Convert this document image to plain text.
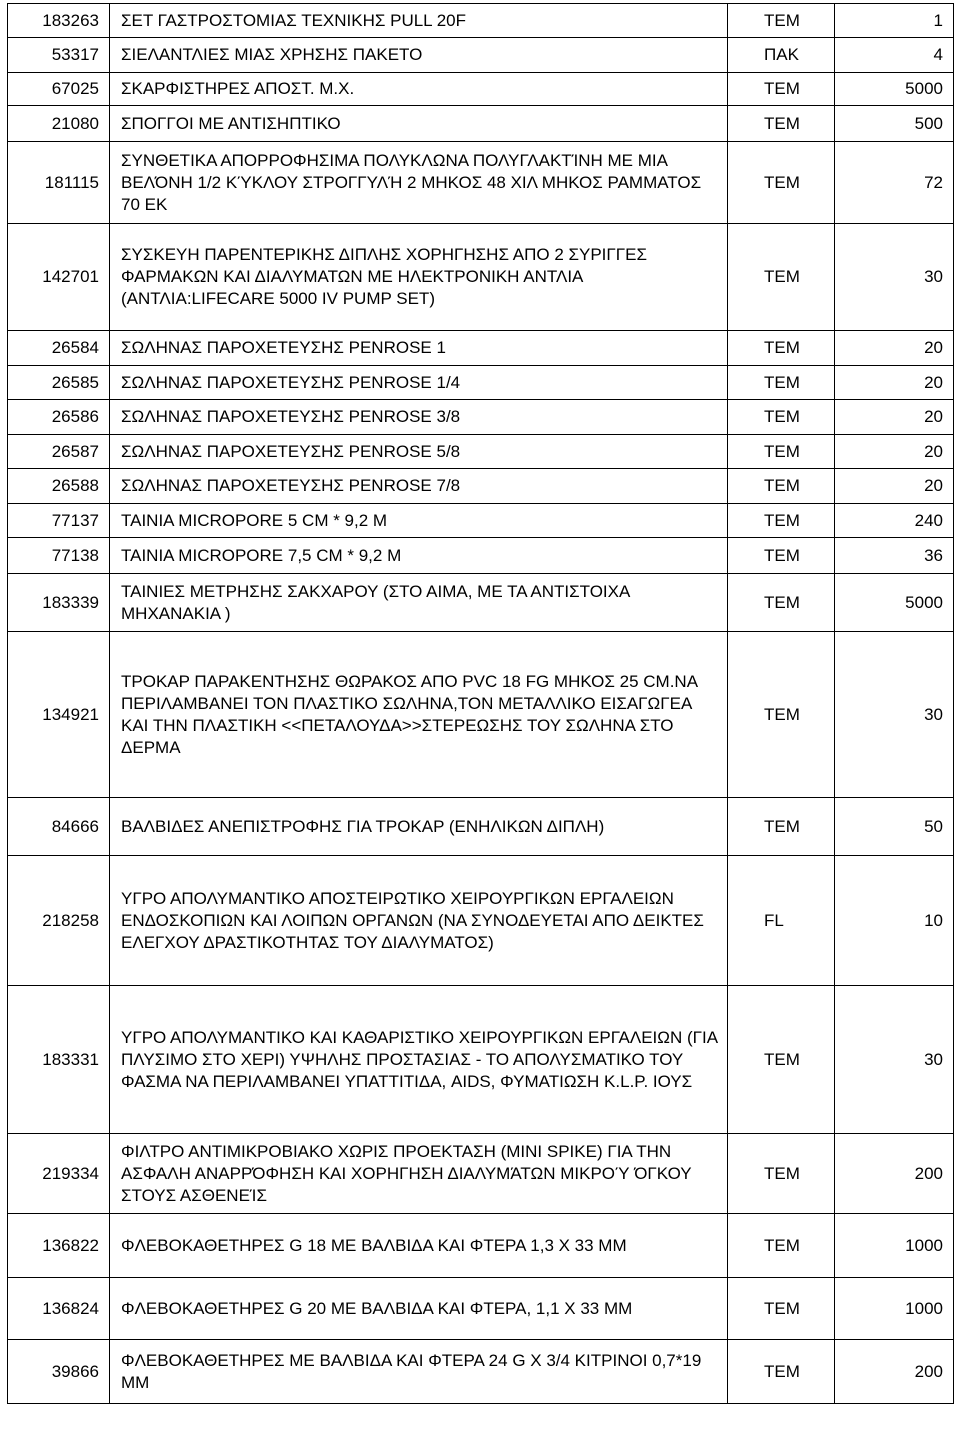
183263	ΣΕΤ ΓΑΣΤΡΟΣΤΟΜΙΑΣ ΤΕΧΝΙΚΗΣ PULL 20F	ΤΕΜ	1
53317	ΣΙΕΛΑΝΤΛΙΕΣ ΜΙΑΣ ΧΡΗΣΗΣ ΠΑΚΕΤΟ	ΠΑΚ	4
67025	ΣΚΑΡΦΙΣΤΗΡΕΣ ΑΠΟΣΤ. Μ.Χ.	ΤΕΜ	5000
21080	ΣΠΟΓΓΟΙ ΜΕ ΑΝΤΙΣΗΠΤΙΚΟ	ΤΕΜ	500
181115	ΣΥΝΘΕΤΙΚΑ ΑΠΟΡΡΟΦΗΣΙΜΑ ΠΟΛΥΚΛΩΝΑ ΠΟΛΥΓΛΑΚΤΊΝΗ ΜΕ ΜΙΑ ΒΕΛΌΝΗ 1/2 ΚΎΚΛΟΥ ΣΤΡΟΓΓΥΛΉ 2 ΜΗΚΟΣ 48 ΧΙΛ ΜΗΚΟΣ ΡΑΜΜΑΤΟΣ 70 ΕΚ	ΤΕΜ	72
142701	ΣΥΣΚΕΥΗ ΠΑΡΕΝΤΕΡΙΚΗΣ ΔΙΠΛΗΣ ΧΟΡΗΓΗΣΗΣ ΑΠΟ 2 ΣΥΡΙΓΓΕΣ ΦΑΡΜΑΚΩΝ ΚΑΙ ΔΙΑΛΥΜΑΤΩΝ ΜΕ ΗΛΕΚΤΡΟΝΙΚΗ ΑΝΤΛΙΑ (ΑΝΤΛΙΑ:LIFECARE 5000 IV PUMP SET)	ΤΕΜ	30
26584	ΣΩΛΗΝΑΣ ΠΑΡΟΧΕΤΕΥΣΗΣ PENROSE 1	ΤΕΜ	20
26585	ΣΩΛΗΝΑΣ ΠΑΡΟΧΕΤΕΥΣΗΣ PENROSE 1/4	ΤΕΜ	20
26586	ΣΩΛΗΝΑΣ ΠΑΡΟΧΕΤΕΥΣΗΣ PENROSE 3/8	ΤΕΜ	20
26587	ΣΩΛΗΝΑΣ ΠΑΡΟΧΕΤΕΥΣΗΣ PENROSE 5/8	ΤΕΜ	20
26588	ΣΩΛΗΝΑΣ ΠΑΡΟΧΕΤΕΥΣΗΣ PENROSE 7/8	ΤΕΜ	20
77137	ΤΑΙΝΙΑ MICROPORE 5 CM * 9,2 M	ΤΕΜ	240
77138	ΤΑΙΝΙΑ MICROPORE 7,5 CM * 9,2 M	ΤΕΜ	36
183339	ΤΑΙΝΙΕΣ ΜΕΤΡΗΣΗΣ ΣΑΚΧΑΡΟΥ (ΣΤΟ ΑΙΜΑ, ΜΕ ΤΑ ΑΝΤΙΣΤΟΙΧΑ ΜΗΧΑΝΑΚΙΑ )	ΤΕΜ	5000
134921	ΤΡΟΚΑΡ ΠΑΡΑΚΕΝΤΗΣΗΣ ΘΩΡΑΚΟΣ ΑΠΟ PVC 18 FG ΜΗΚΟΣ 25 CM.ΝΑ ΠΕΡΙΛΑΜΒΑΝΕΙ ΤΟΝ ΠΛΑΣΤΙΚΟ ΣΩΛΗΝΑ,ΤΟΝ ΜΕΤΑΛΛΙΚΟ ΕΙΣΑΓΩΓΕΑ ΚΑΙ ΤΗΝ ΠΛΑΣΤΙΚΗ <<ΠΕΤΑΛΟΥΔΑ>>ΣΤΕΡΕΩΣΗΣ ΤΟΥ ΣΩΛΗΝΑ ΣΤΟ ΔΕΡΜΑ	ΤΕΜ	30
84666	ΒΑΛΒΙΔΕΣ ΑΝΕΠΙΣΤΡΟΦΗΣ ΓΙΑ ΤΡΟΚΑΡ (ΕΝΗΛΙΚΩΝ ΔΙΠΛΗ)	ΤΕΜ	50
218258	ΥΓΡΟ ΑΠΟΛΥΜΑΝΤΙΚΟ ΑΠΟΣΤΕΙΡΩΤΙΚΟ ΧΕΙΡΟΥΡΓΙΚΩΝ ΕΡΓΑΛΕΙΩΝ ΕΝΔΟΣΚΟΠΙΩΝ ΚΑΙ ΛΟΙΠΩΝ ΟΡΓΑΝΩΝ (ΝΑ ΣΥΝΟΔΕΥΕΤΑΙ ΑΠΟ ΔΕΙΚΤΕΣ ΕΛΕΓΧΟΥ ΔΡΑΣΤΙΚΟΤΗΤΑΣ ΤΟΥ ΔΙΑΛΥΜΑΤΟΣ)	FL	10
183331	ΥΓΡΟ ΑΠΟΛΥΜΑΝΤΙΚΟ ΚΑΙ ΚΑΘΑΡΙΣΤΙΚΟ ΧΕΙΡΟΥΡΓΙΚΩΝ ΕΡΓΑΛΕΙΩΝ (ΓΙΑ ΠΛΥΣΙΜΟ ΣΤΟ ΧΕΡΙ) ΥΨΗΛΗΣ ΠΡΟΣΤΑΣΙΑΣ - ΤΟ ΑΠΟΛΥΣΜΑΤΙΚΟ ΤΟΥ ΦΑΣΜΑ ΝΑ ΠΕΡΙΛΑΜΒΑΝΕΙ ΥΠΑΤΤΙΤΙΔΑ, AIDS, ΦΥΜΑΤΙΩΣΗ Κ.L.Ρ. ΙΟΥΣ	ΤΕΜ	30
219334	ΦΙΛΤΡΟ ΑΝΤΙΜΙΚΡΟΒΙΑΚΟ ΧΩΡΙΣ ΠΡΟΕΚΤΑΣΗ (MINI SPIKE) ΓΙΑ ΤΗΝ ΑΣΦΑΛΗ ΑΝΑΡΡΌΦΗΣΗ ΚΑΙ ΧΟΡΗΓΗΣΗ ΔΙΑΛΥΜΆΤΩΝ ΜΙΚΡΟΎ ΌΓΚΟΥ ΣΤΟΥΣ ΑΣΘΕΝΕΊΣ	ΤΕΜ	200
136822	ΦΛΕΒΟΚΑΘΕΤΗΡΕΣ G 18 ΜΕ ΒΑΛΒΙΔΑ ΚΑΙ ΦΤΕΡΑ 1,3 Χ 33 ΜΜ	ΤΕΜ	1000
136824	ΦΛΕΒΟΚΑΘΕΤΗΡΕΣ G 20 ΜΕ ΒΑΛΒΙΔΑ ΚΑΙ ΦΤΕΡΑ, 1,1 Χ 33 ΜΜ	ΤΕΜ	1000
39866	ΦΛΕΒΟΚΑΘΕΤΗΡΕΣ ΜΕ ΒΑΛΒΙΔΑ ΚΑΙ ΦΤΕΡΑ 24 G X 3/4 ΚΙΤΡΙΝΟΙ 0,7*19 ΜΜ	ΤΕΜ	200
